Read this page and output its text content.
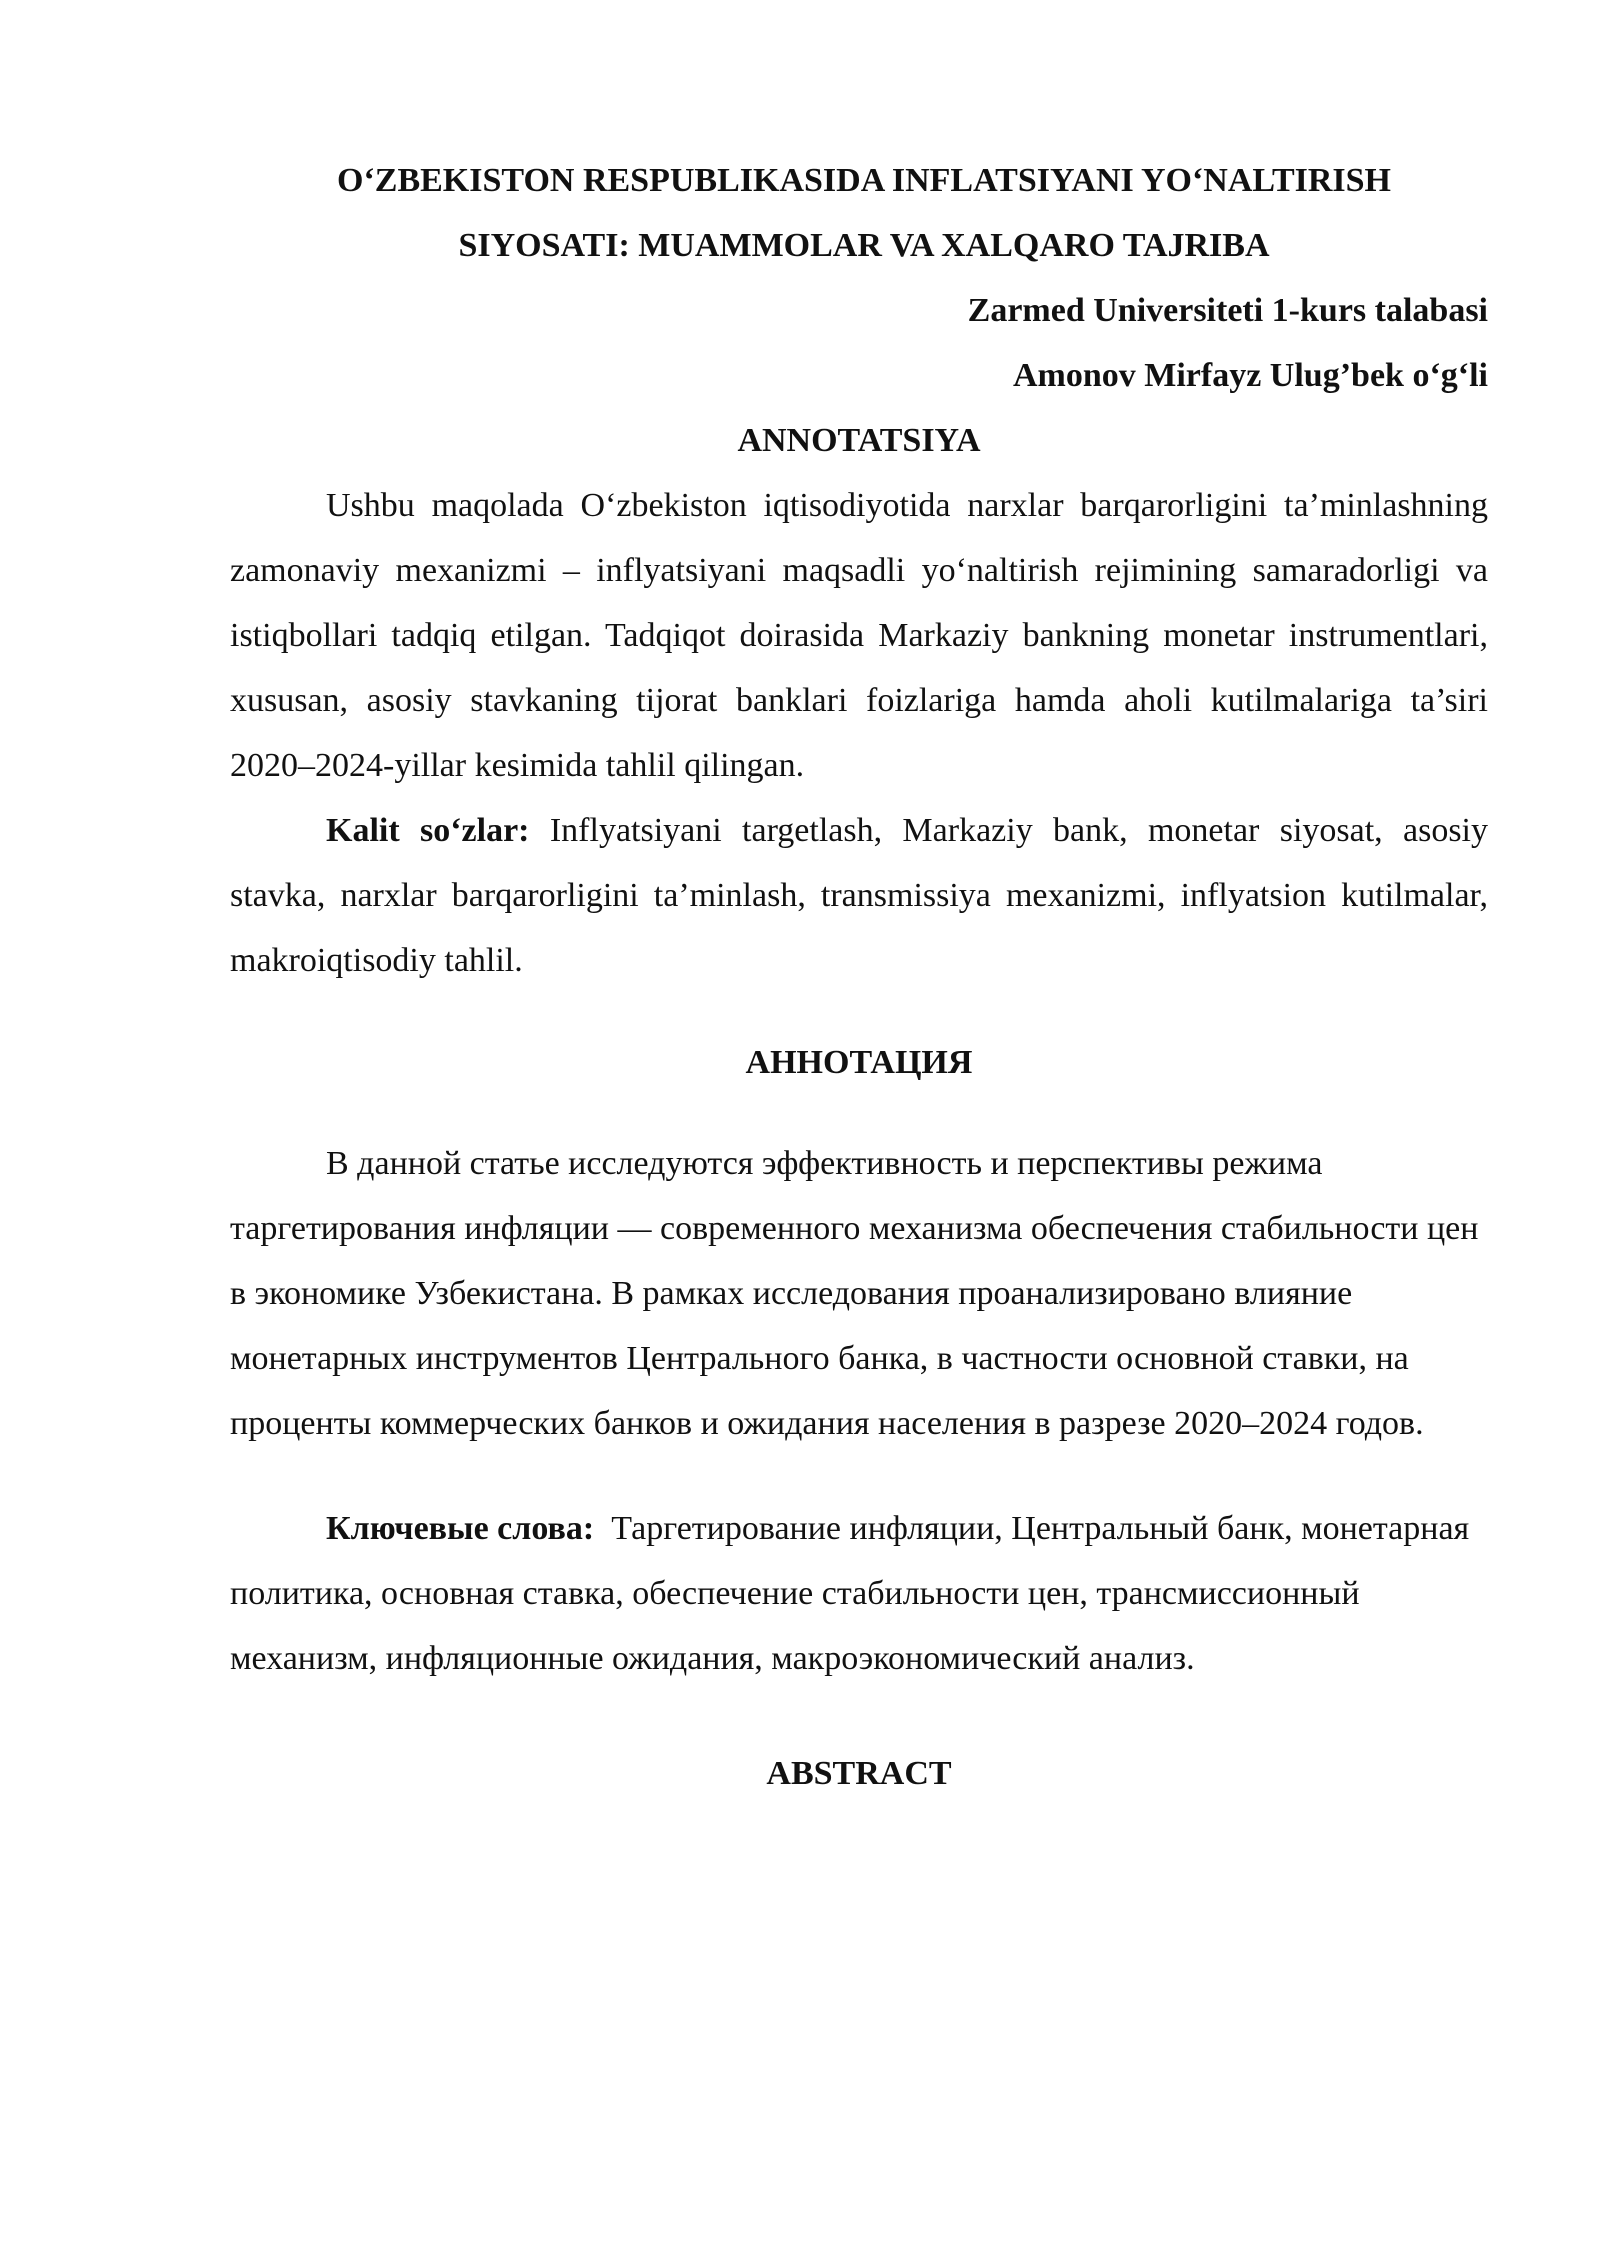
O‘ZBEKISTON RESPUBLIKASIDA INFLATSIYANI YO‘NALTIRISH
SIYOSATI: MUAMMOLAR VA XALQARO TAJRIBA

Zarmed Universiteti 1-kurs talabasi

Amonov Mirfayz Ulug’bek o‘g‘li

ANNOTATSIYA

Ushbu maqolada O‘zbekiston iqtisodiyotida narxlar barqarorligini ta’minlashning zamonaviy mexanizmi – inflyatsiyani maqsadli yo‘naltirish rejimining samaradorligi va istiqbollari tadqiq etilgan. Tadqiqot doirasida Markaziy bankning monetar instrumentlari, xususan, asosiy stavkaning tijorat banklari foizlariga hamda aholi kutilmalariga ta’siri 2020–2024-yillar kesimida tahlil qilingan.

Kalit so‘zlar: Inflyatsiyani targetlash, Markaziy bank, monetar siyosat, asosiy stavka, narxlar barqarorligini ta’minlash, transmissiya mexanizmi, inflyatsion kutilmalar, makroiqtisodiy tahlil.

АННОТАЦИЯ

В данной статье исследуются эффективность и перспективы режима таргетирования инфляции — современного механизма обеспечения стабильности цен в экономике Узбекистана. В рамках исследования проанализировано влияние монетарных инструментов Центрального банка, в частности основной ставки, на проценты коммерческих банков и ожидания населения в разрезе 2020–2024 годов.

Ключевые слова: Таргетирование инфляции, Центральный банк, монетарная политика, основная ставка, обеспечение стабильности цен, трансмиссионный механизм, инфляционные ожидания, макроэкономический анализ.

ABSTRACT
